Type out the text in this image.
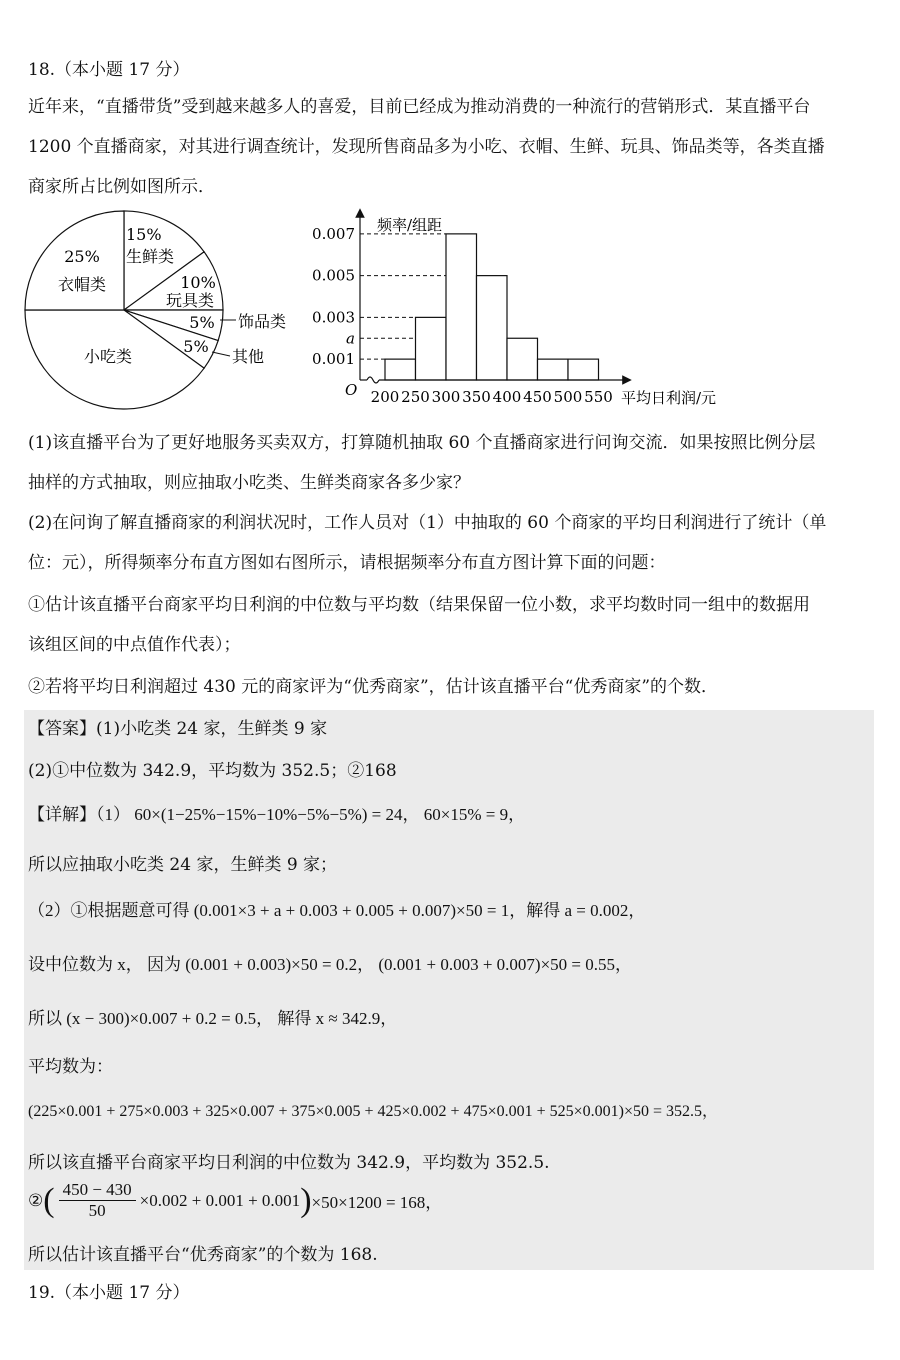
18.（本小题 17 分）
近年来，“直播带货”受到越来越多人的喜爱，目前已经成为推动消费的一种流行的营销形式．某直播平台
1200 个直播商家，对其进行调查统计，发现所售商品多为小吃、衣帽、生鲜、玩具、饰品类等，各类直播
商家所占比例如图所示．
15%
生鲜类
10%
玩具类
5% 饰品类
5%
其他
小吃类
25%
衣帽类
频率/组距
平均日利润/元
O
0.001
a
0.003
0.005
0.007
200 250 300 350 400 450 500 550
(1)该直播平台为了更好地服务买卖双方，打算随机抽取 60 个直播商家进行问询交流．如果按照比例分层
抽样的方式抽取，则应抽取小吃类、生鲜类商家各多少家？
(2)在问询了解直播商家的利润状况时，工作人员对（1）中抽取的 60 个商家的平均日利润进行了统计（单
位：元），所得频率分布直方图如右图所示，请根据频率分布直方图计算下面的问题：
①估计该直播平台商家平均日利润的中位数与平均数（结果保留一位小数，求平均数时同一组中的数据用
该组区间的中点值作代表）；
②若将平均日利润超过 430 元的商家评为“优秀商家”，估计该直播平台“优秀商家”的个数．
【答案】(1)小吃类 24 家，生鲜类 9 家
(2)①中位数为 342.9，平均数为 352.5；②168
【详解】（1） 60×(1−25%−15%−10%−5%−5%) = 24， 60×15% = 9，
所以应抽取小吃类 24 家，生鲜类 9 家；
（2）①根据题意可得 (0.001×3 + a + 0.003 + 0.005 + 0.007)×50 = 1，解得 a = 0.002，
设中位数为 x， 因为 (0.001 + 0.003)×50 = 0.2， (0.001 + 0.003 + 0.007)×50 = 0.55，
所以 (x − 300)×0.007 + 0.2 = 0.5， 解得 x ≈ 342.9，
平均数为：
(225×0.001 + 275×0.003 + 325×0.007 + 375×0.005 + 425×0.002 + 475×0.001 + 525×0.001)×50 = 352.5，
所以该直播平台商家平均日利润的中位数为 342.9，平均数为 352.5.
② ( $\frac{450 - 430}{50} \times 0.002 + 0.001 + 0.001$ ) ×50×1200 = 168，
所以估计该直播平台“优秀商家”的个数为 168.
19.（本小题 17 分）
